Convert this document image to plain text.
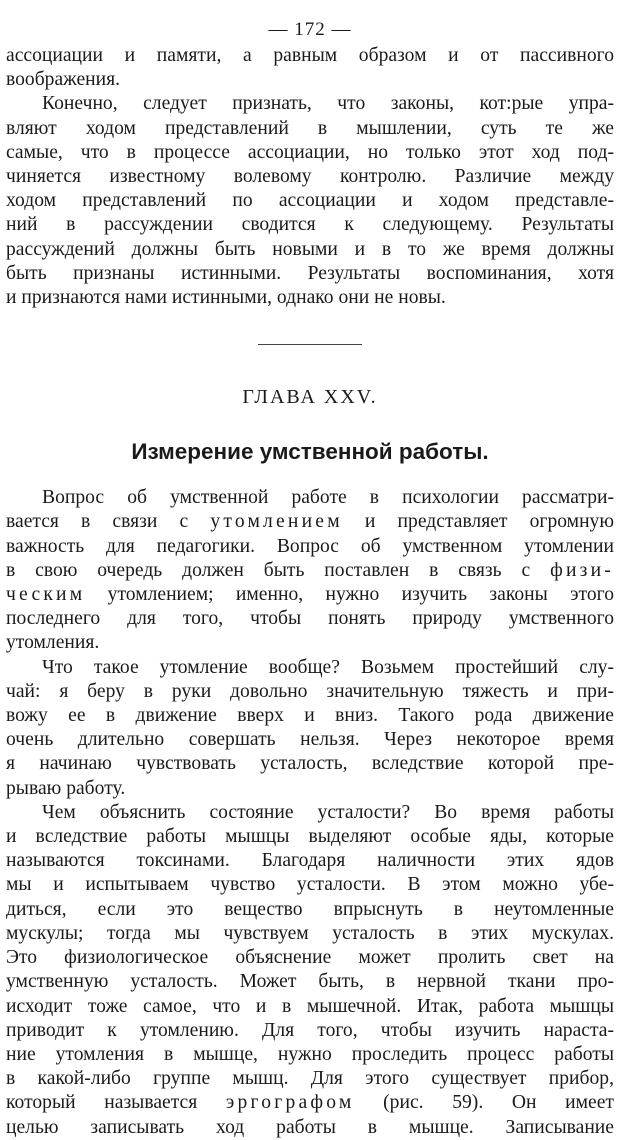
— 172 —

ассоциации и памяти, а равным образом и от пассивного
воображения.

Конечно, следует признать, что законы, кот:рые упра-
вляют ходом представлений в мышлении, суть те же
самые, что в процессе ассоциации, но только этот ход под-
чиняется известному волевому контролю. Различие между
ходом представлений по ассоциации и ходом представле-
ний в рассуждении сводится к следующему. Результаты
рассуждений должны быть новыми и в то же время должны
быть признаны истинными. Результаты воспоминания, хотя
и признаются нами истинными, однако они не новы.

ГЛАВА XXV.
Измерение умственной работы.

Вопрос об умственной работе в психологии рассматри-
вается в связи с утомлением и представляет огромную
важность для педагогики. Вопрос об умственном утомлении
в свою очередь должен быть поставлен в связь с физи-
ческим утомлением; именно, нужно изучить законы этого
последнего для того, чтобы понять природу умственного
утомления.

Что такое утомление вообще? Возьмем простейший слу-
чай: я беру в руки довольно значительную тяжесть и при-
вожу ее в движение вверх и вниз. Такого рода движение
очень длительно совершать нельзя. Через некоторое время
я начинаю чувствовать усталость, вследствие которой пре-
рываю работу.

Чем объяснить состояние усталости? Во время работы
и вследствие работы мышцы выделяют особые яды, которые
называются токсинами. Благодаря наличности этих ядов
мы и испытываем чувство усталости. В этом можно убе-
диться, если это вещество впрыснуть в неутомленные
мускулы; тогда мы чувствуем усталость в этих мускулах.
Это физиологическое объяснение может пролить свет на
умственную усталость. Может быть, в нервной ткани про-
исходит тоже самое, что и в мышечной. Итак, работа мышцы
приводит к утомлению. Для того, чтобы изучить нараста-
ние утомления в мышце, нужно проследить процесс работы
в какой-либо группе мышц. Для этого существует прибор,
который называется эргографом (рис. 59). Он имеет
целью записывать ход работы в мышце. Записывание
